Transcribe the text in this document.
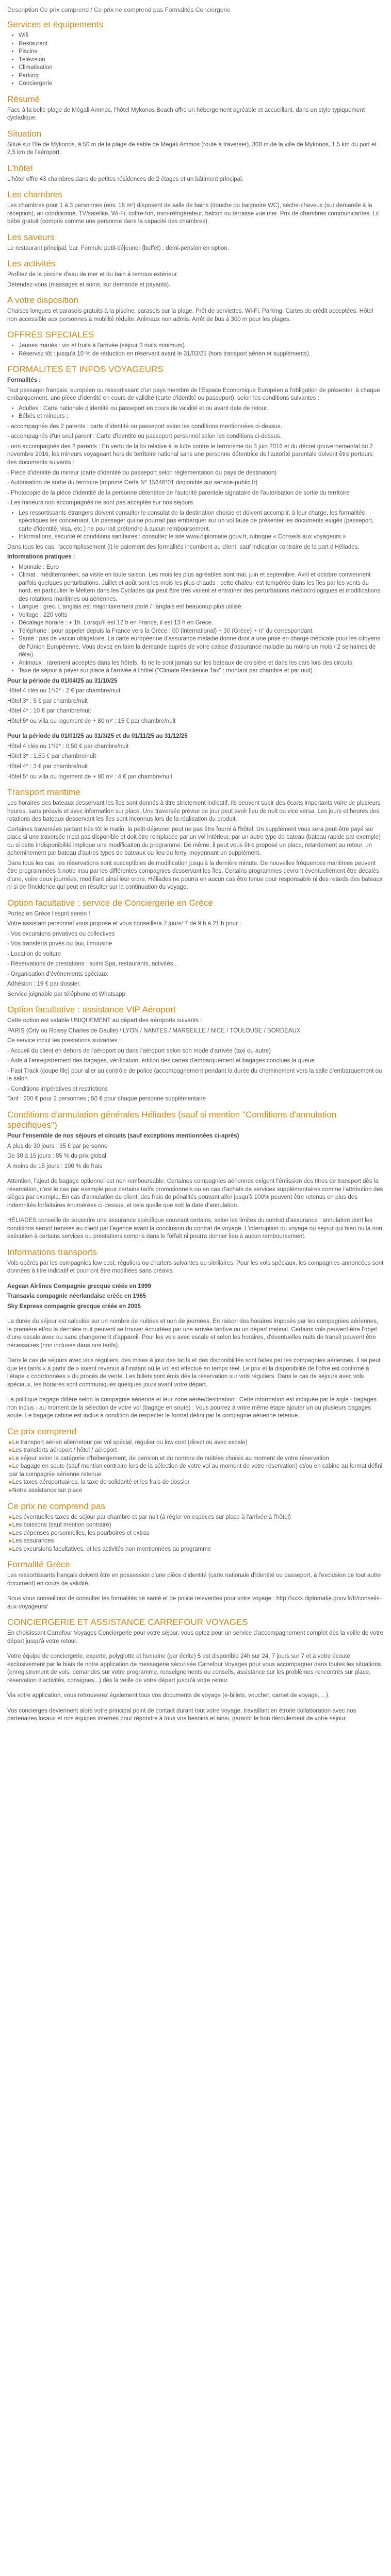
Description Ce prix comprend / Ce prix ne comprend pas Formalités Conciergerie
Services et équipements
• Wifi
• Restaurant
• Piscine
• Télévision
• Climatisation
• Parking
• Conciergerie
Résumé

Face à la belle plage de Mégali Ammos, l'hôtel Mykonos Beach offre un hébergement agréable et accueillant, dans un style typiquement cycladique.

Situation

Situé sur l'île de Mykonos, à 50 m de la plage de sable de Megali Ammos (route à traverser), 300 m de la ville de Mykonos, 1,5 km du port et 2,5 km de l'aéroport.

L'hôtel

L'hôtel offre 43 chambres dans de petites résidences de 2 étages et un bâtiment principal.

Les chambres

Les chambres pour 1 à 3 personnes (env. 16 m²) disposent de salle de bains (douche ou baignoire WC), sèche-cheveux (sur demande à la réception), air conditionné, TV/satellite, Wi-Fi, coffre-fort, mini-réfrigérateur, balcon ou terrasse vue mer. Prix de chambres communicantes. Lit bébé gratuit (compris comme une personne dans la capacité des chambres).

Les saveurs

Le restaurant principal, bar. Formule petit-déjeuner (buffet) : demi-pension en option.

Les activités

Profitez de la piscine d'eau de mer et du bain à remous extérieur.

Détendez-vous (massages et soins, sur demande et payants).

A votre disposition

Chaises longues et parasols gratuits à la piscine, parasols sur la plage. Prêt de serviettes. Wi-Fi. Parking. Cartes de crédit acceptées. Hôtel non accessible aux personnes à mobilité réduite. Animaux non admis. Arrêt de bus à 300 m pour les plages.

OFFRES SPECIALES
• Jeunes mariés : vin et fruits à l'arrivée (séjour 3 nuits minimum).
• Réservez tôt : jusqu'à 10 % de réduction en réservant avant le 31/03/25 (hors transport aérien et suppléments).
FORMALITES ET INFOS VOYAGEURS

Formalités :

Tout passager français, européen ou ressortissant d'un pays membre de l'Espace Economique Européen a l'obligation de présenter, à chaque embarquement, une pièce d'identité en cours de validité (carte d'identité ou passeport), selon les conditions suivantes :

• Adultes : Carte nationale d'identité ou passeport en cours de validité et ou avant date de retour.
• Bébés et mineurs :

- accompagnés des 2 parents : carte d'identité ou passeport selon les conditions mentionnées ci-dessus.

- accompagnés d'un seul parent : Carte d'identité ou passeport personnel selon les conditions ci-dessus.

- non accompagnés des 2 parents : En vertu de la loi relative à la lutte contre le terrorisme du 3 juin 2016 et du décret gouvernemental du 2 novembre 2016, les mineurs voyageant hors de territoire national sans une personne détentrice de l'autorité parentale doivent être porteurs des documents suivants :

- Pièce d'identité du mineur (carte d'identité ou passeport selon réglementation du pays de destination)

- Autorisation de sortie du territoire (imprimé Cerfa N° 15646*01 disponible sur service-public.fr)

- Photocopie de la pièce d'identité de la personne détentrice de l'autorité parentale signataire de l'autorisation de sortie du territoire

- Les mineurs non accompagnés ne sont pas acceptés sur nos séjours.

• Les ressortissants étrangers doivent consulter le consulat de la destination choisie et doivent accomplir, à leur charge, les formalités spécifiques les concernant. Un passager qui ne pourrait pas embarquer sur un vol faute de présenter les documents exigés (passeport, carte d'identité, visa, etc.) ne pourrait prétendre à aucun remboursement.
• Informations, sécurité et conditions sanitaires : consultez le site www.diplomatie.gouv.fr, rubrique « Conseils aux voyageurs »

Dans tous les cas, l'accomplissement (i) le paiement des formalités incombent au client, sauf indication contraire de la part d'Héliades.

Informations pratiques :

• Monnaie : Euro
• Climat : méditerranéen, sa visite en toute saison. Les mois les plus agréables sont mai, juin et septembre. Avril et octobre conviennent parfois quelques perturbations. Juillet et août sont les mois les plus chauds ; cette chaleur est tempérée dans les îles par les vents du nord, en particulier le Meltem dans les Cyclades qui peut être très violent et entraîner des perturbations médiocrologiques et modifications des rotations maritimes ou aériennes.
• Langue : grec. L'anglais est majoritairement parlé / l'anglais est beaucoup plus utilisé.
• Voltage : 220 volts
• Décalage horaire : + 1h. Lorsqu'il est 12 h en France, il est 13 h en Grèce.
• Téléphone : pour appeler depuis la France vers la Grèce : 00 (international) + 30 (Grèce) + n° du correspondant.
• Santé : pas de vaccin obligatoire. La carte européenne d'assurance maladie donne droit à une prise en charge médicale pour les citoyens de l'Union Européenne. Vous devez en faire la demande auprès de votre caisse d'assurance maladie au moins un mois / 2 semaines de délai).
• Animaux : rarement acceptés dans les hôtels. Ils ne le sont jamais sur les bateaux de croisière et dans les cars lors des circuits.
• Taxe de séjour à payer sur place à l'arrivée à l'hôtel ("Climate Resilience Tax" : montant par chambre et par nuit) :

Pour la période du 01/04/25 au 31/10/25

Hôtel 4 clés ou 1*/2* : 2 € par chambre/nuit

Hôtel 3* : 5 € par chambre/nuit

Hôtel 4* : 10 € par chambre/nuit

Hôtel 5* ou villa ou logement de + 80 m² : 15 € par chambre/nuit

Pour la période du 01/01/25 au 31/3/25 et du 01/11/25 au 31/12/25

Hôtel 4 clés ou 1*/2* : 0,50 € par chambre/nuit

Hôtel 3* : 1,50 € par chambre/nuit

Hôtel 4* : 3 € par chambre/nuit

Hôtel 5* ou villa ou logement de + 80 m² : 4 € par chambre/nuit

Transport maritime

Les horaires des bateaux desservant les îles sont donnés à titre strictement indicatif. Ils peuvent subir des écarts importants voire de plusieurs heures, sans préavis et avec information sur place. Une traversée prévue de jour peut avoir lieu de nuit ou vice versa. Les jours et heures des rotations des bateaux desservant les îles sont inconnus lors de la réalisation du produit.

Certaines traversées partant très tôt le matin, la petit-déjeuner peut ne pas être fourni à l'hôtel. Un supplément vous sera peut-être payé sur place si une traversée n'est pas disponible et doit être remplacée par un vol intérieur, par un autre type de bateau (bateau rapide par exemple) ou si cette indisponibilité implique une modification du programme. De même, il peut vous être proposé un place, retardement au retour, un acheminement par bateau d'autres types de bateaux ou lieu du ferry, moyennant un supplément.

Dans tous les cas, les réservations sont susceptibles de modification jusqu'à la dernière minute. De nouvelles fréquences maritimes peuvent être programmées à notre insu par les différentes compagnies desservant les îles. Certains programmes devront éventuellement être décalés d'une, voire deux journées, modifiant ainsi leur ordre. Héliades ne pourra en aucun cas être tenue pour responsable ni des retards des bateaux ni si de l'incidence qui peut en résulter sur la continuation du voyage.

Option facultative : service de Conciergerie en Grèce

Portez en Grèce l'esprit serein !

Votre assistant personnel vous propose et vous conseillera 7 jours/ 7 de 9 h à 21 h pour :

- Vos excursions privatives ou collectives

- Vos transferts privés ou taxi, limousine

- Location de voiture

- Réservations de prestations : soins Spa, restaurants, activités...

- Organisation d'événements spéciaux

Adhésion : 19 € par dossier.

Service joignable par téléphone et Whatsapp

Option facultative : assistance VIP Aéroport

Cette option est valable UNIQUEMENT au départ des aéroports suivants :

PARIS (Orly ou Roissy Charles de Gaulle) / LYON / NANTES / MARSEILLE / NICE / TOULOUSE / BORDEAUX

Ce service inclut les prestations suivantes :

- Accueil du client en dehors de l'aéroport ou dans l'aéroport selon son mode d'arrivée (taxi ou autre)

- Aide à l'enregistrement des bagages, vérification, édition des cartes d'embarquement et bagages conclues la queue

- Fast Track (coupe file) pour aller au contrôle de police (accompagnement pendant la durée du cheminement vers la salle d'embarquement ou le salon

- Conditions impératives et restrictions

Tarif : 200 € pour 2 personnes ; 50 € pour chaque personne supplémentaire

Conditions d'annulation générales Héliades (sauf si mention "Conditions d'annulation spécifiques")

Pour l'ensemble de nos séjours et circuits (sauf exceptions mentionnées ci-après)

A plus de 30 jours : 35 € par personne

De 30 à 15 jours : 85 % du prix global

A moins de 15 jours : 100 % de frais

Attention, l'ajout de bagage optionnel est non remboursable. Certaines compagnies aériennes exigent l'émission des titres de transport dès la réservation, c'est le cas par exemple pour certains tarifs promotionnels ou en cas d'achats de services supplémentaires comme l'attribution des sièges par exemple. En cas d'annulation du client, des frais de pénalités pouvant aller jusqu'à 100% peuvent être retenus en plus des indemnités forfaitaires énumérées ci-dessus, et cela quelle que soit la date d'annulation.

HÉLIADES conseille de souscrire une assurance spécifique couvrant certains, selon les limites du contrat d'assurance : annulation dont les conditions seront remises au client par l'agence avant la conclusion du contrat de voyage. L'interruption du voyage ou séjour qui bien ou la non exécution à certains services ou prestations compris dans le forfait ni pourra donner lieu à aucun remboursement.

Informations transports

Vols opérés par les compagnies low cost, réguliers ou charters suivantes ou similaires. Pour les vols spéciaux, les compagnies annoncées sont données à titre indicatif et pourront être modifiées sans préavis.

Aegean Airlines Compagnie grecque créée en 1999

Transavia compagnie néerlandaise créée en 1965

Sky Express compagnie grecque créée en 2005

La durée du séjour est calculée sur un nombre de nuitées et non de journées. En raison des horaires imposés par les compagnies aériennes, la première et/ou la dernière nuit peuvent se trouver écourtées par une arrivée tardive ou un départ matinal. Certains vols peuvent être l'objet d'une escale avec ou sans changement d'appareil. Pour les vols avec escale et selon les horaires, d'éventuelles nuits de transit peuvent être nécessaires (non incluses dans nos tarifs).

Dans le cas de séjours avec vols réguliers, des mises à jour des tarifs et des disponibilités sont faites par les compagnies aériennes. Il se peut que les tarifs « à partir de » soient revenus à l'instant où le vol est effectué en temps réel. Le prix et la disponibilité de l'offre est confirmé à l'étape « coordonnées » du procès de vente. Les billets sont émis dès la réservation sur vols réguliers. Dans le cas de séjours avec vols spéciaux, les horaires sont communiqués quelques jours avant votre départ.

La politique bagage diffère selon la compagnie aérienne et leur zone aérée/destination : Cette information est indiquée par le sigle - bagages non inclus - au moment de la sélection de votre vol (bagage en soute) : Vous pourrez à votre même étape ajouter un ou plusieurs bagages soute. Le bagage cabine est inclus à condition de respecter le format défini par la compagnie aérienne retenue.

Ce prix comprend
▸ Le transport aérien aller/retour par vol spécial, régulier ou low cost (direct ou avec escale)
▸ Les transferts aéroport / hôtel / aéroport
▸ Le séjour selon la catégorie d'hébergement, de pension et du nombre de nuitées choisis au moment de votre réservation
▸ Le bagage en soute (sauf mention contraire lors de la sélection de votre vol au moment de votre réservation) et/ou en cabine au format défini par la compagnie aérienne retenue
▸ Les taxes aéroportuaires, la taxe de solidarité et les frais de dossier
▸ Notre assistance sur place
Ce prix ne comprend pas
▸ Les éventuelles taxes de séjour par chambre et par nuit (à régler en espèces sur place à l'arrivée à l'hôtel)
▸ Les boissons (sauf mention contraire)
▸ Les dépenses personnelles, les pourboires et extras
▸ Les assurances
▸ Les excursions facultatives, et les activités non mentionnées au programme
Formalité Grèce

Les ressortissants français doivent être en possession d'une pièce d'identité (carte nationale d'identité ou passeport, à l'exclusion de tout autre document) en cours de validité.

Nous vous conseillons de consulter les formalités de santé et de police relevantes pour votre voyage : http://xxxx.diplomatie.gouv.fr/fr/conseils-aux-voyageurs/

CONCIERGERIE ET ASSISTANCE CARREFOUR VOYAGES

En choisissant Carrefour Voyages Conciergerie pour votre séjour, vous optez pour un service d'accompagnement complet dès la veille de votre départ jusqu'à votre retour.

Votre équipe de conciergerie, experte, polyglotte et humaine (par écrite) 5 est disponible 24h sur 24, 7 jours sur 7 et à votre écoute exclusivement par le biais de notre application de messagerie sécurisée Carrefour Voyages pour vous accompagner dans toutes les situations (enregistrement de vols, demandes sur votre programme, renseignements ou conseils, assistance sur les problèmes rencontrés sur place, réservation d'activités, consignes...) dès la veille de votre départ jusqu'à votre retour.

Via votre application, vous retrouverez également tous vos documents de voyage (e-billets, voucher, carnet de voyage, ...).

Vos concierges deviennent alors votre principal point de contact durant tout votre voyage, travaillant en étroite collaboration avec nos partenaires locaux et nos équipes internes pour répondre à tous vos besoins et ainsi, garantir le bon déroulement de votre séjour.
